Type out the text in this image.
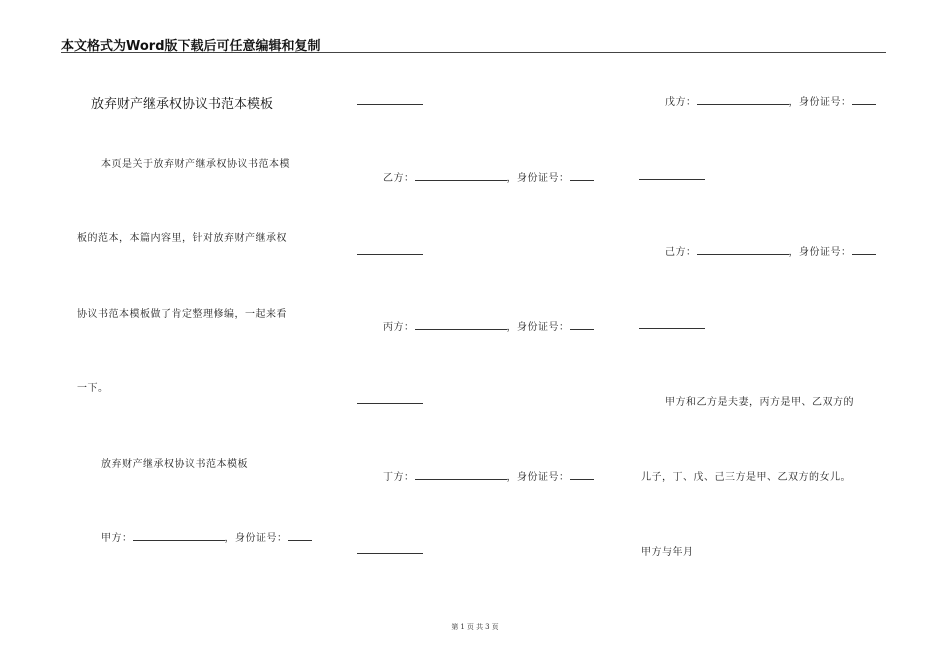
本文格式为Word版下载后可任意编辑和复制
放弃财产继承权协议书范本模板
本页是关于放弃财产继承权协议书范本模
板的范本，本篇内容里，针对放弃财产继承权
协议书范本模板做了肯定整理修编，一起来看
一下。
放弃财产继承权协议书范本模板
甲方：	，身份证号：
乙方：	，身份证号：
丙方：	，身份证号：
丁方：	，身份证号：
戊方：	，身份证号：
己方：	，身份证号：
甲方和乙方是夫妻，丙方是甲、乙双方的
儿子，丁、戊、己三方是甲、乙双方的女儿。
甲方与年月
第 1 页 共 3 页
